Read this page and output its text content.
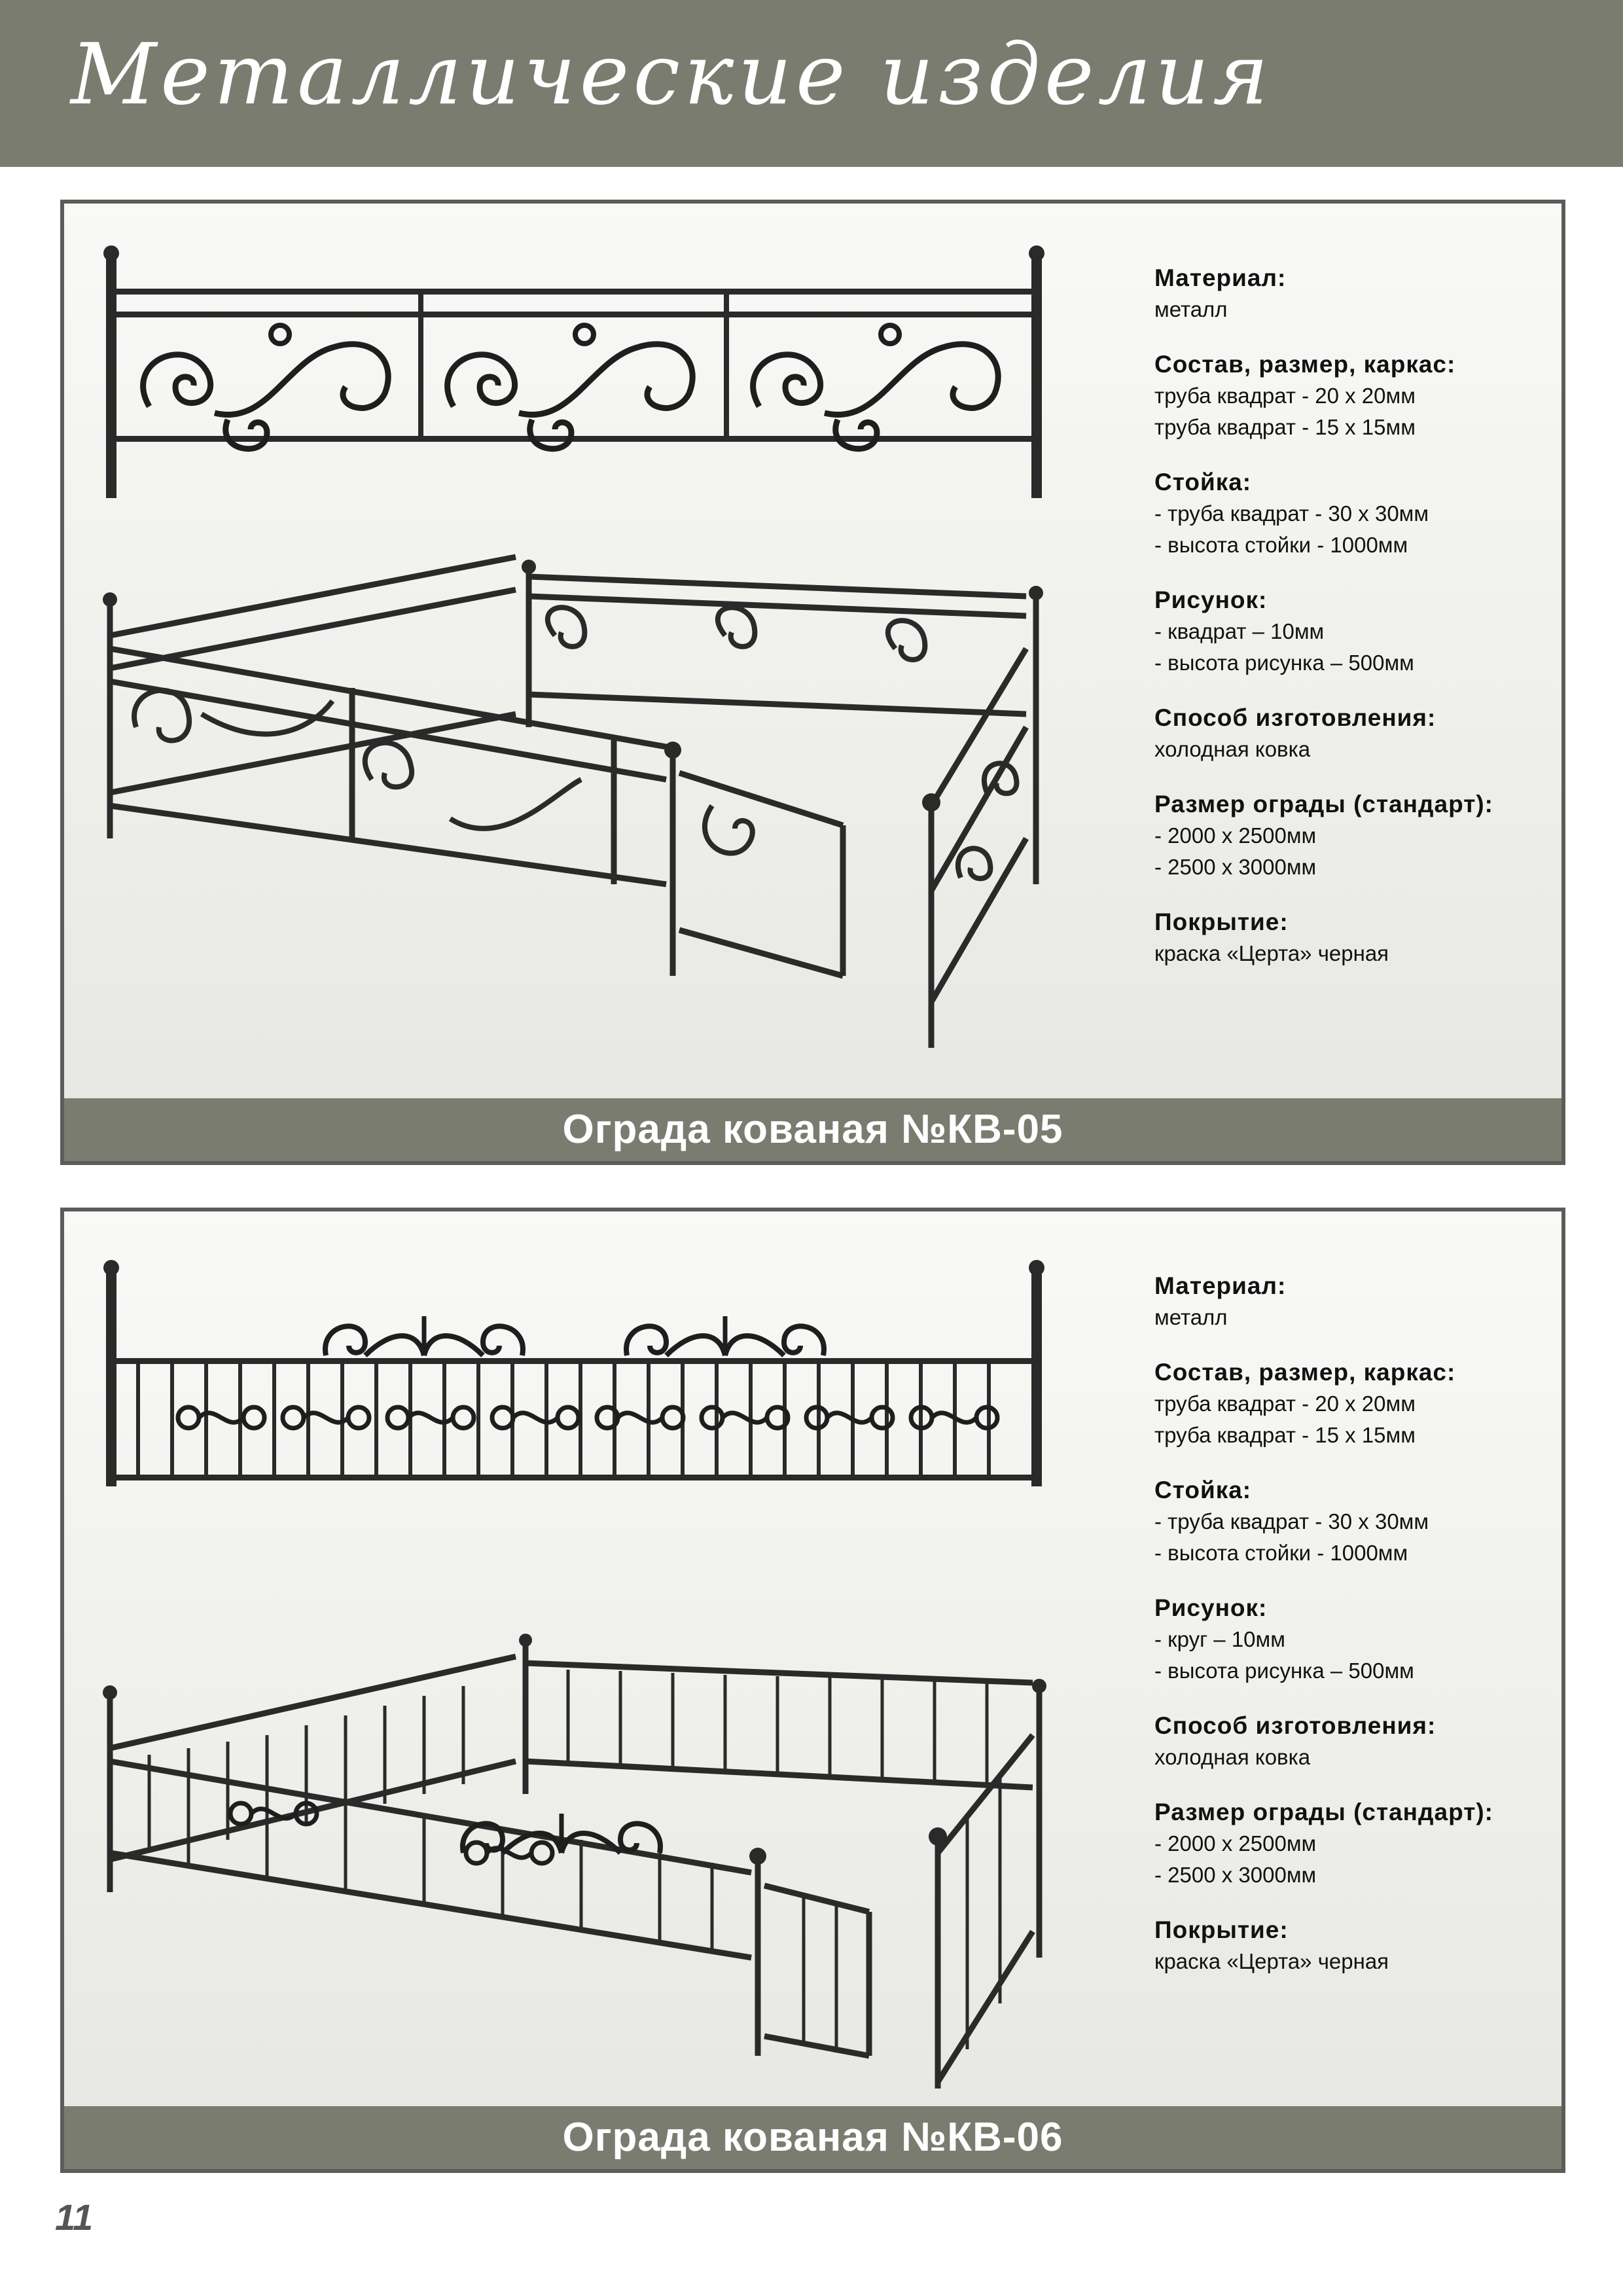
Металлические изделия
Материал:
металл
Состав, размер, каркас:
труба квадрат - 20 х 20мм
труба квадрат - 15 х 15мм
Стойка:
- труба квадрат - 30 х 30мм
- высота стойки - 1000мм
Рисунок:
- квадрат – 10мм
- высота рисунка – 500мм
Способ изготовления:
холодная ковка
Размер ограды (стандарт):
- 2000 х 2500мм
- 2500 х 3000мм
Покрытие:
краска «Церта» черная
Ограда кованая №КВ-05
Материал:
металл
Состав, размер, каркас:
труба квадрат - 20 х 20мм
труба квадрат - 15 х 15мм
Стойка:
- труба квадрат - 30 х 30мм
- высота стойки - 1000мм
Рисунок:
- круг – 10мм
- высота рисунка – 500мм
Способ изготовления:
холодная ковка
Размер ограды (стандарт):
- 2000 х 2500мм
- 2500 х 3000мм
Покрытие:
краска «Церта» черная
Ограда кованая №КВ-06
11
